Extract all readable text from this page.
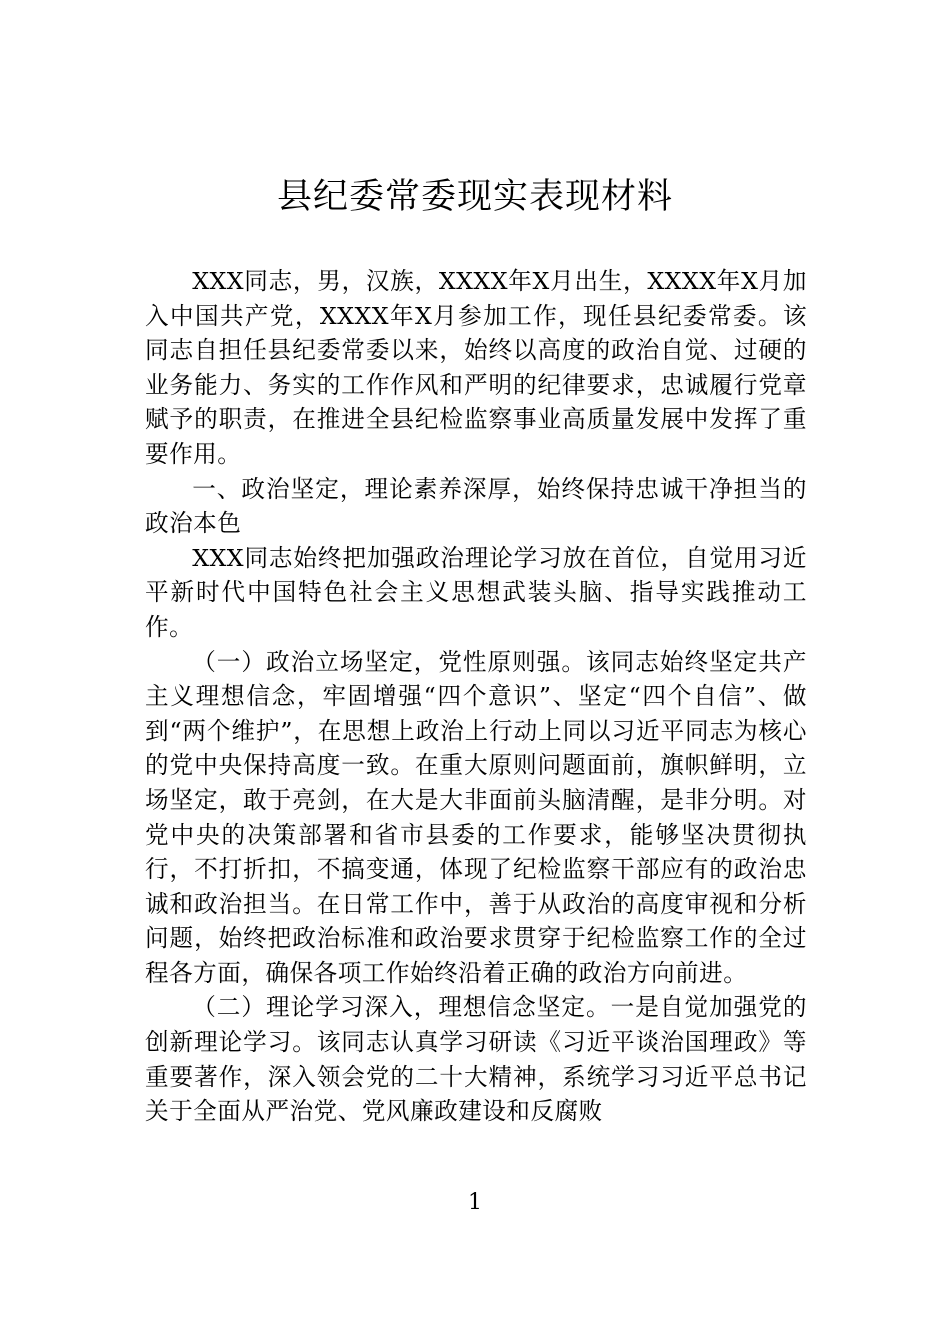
县纪委常委现实表现材料

XXX同志，男，汉族，XXXX年X月出生，XXXX年X月加入中国共产党，XXXX年X月参加工作，现任县纪委常委。该同志自担任县纪委常委以来，始终以高度的政治自觉、过硬的业务能力、务实的工作作风和严明的纪律要求，忠诚履行党章赋予的职责，在推进全县纪检监察事业高质量发展中发挥了重要作用。

一、政治坚定，理论素养深厚，始终保持忠诚干净担当的政治本色

XXX同志始终把加强政治理论学习放在首位，自觉用习近平新时代中国特色社会主义思想武装头脑、指导实践推动工作。

（一）政治立场坚定，党性原则强。该同志始终坚定共产主义理想信念，牢固增强“四个意识”、坚定“四个自信”、做到“两个维护”，在思想上政治上行动上同以习近平同志为核心的党中央保持高度一致。在重大原则问题面前，旗帜鲜明，立场坚定，敢于亮剑，在大是大非面前头脑清醒，是非分明。对党中央的决策部署和省市县委的工作要求，能够坚决贯彻执行，不打折扣，不搞变通，体现了纪检监察干部应有的政治忠诚和政治担当。在日常工作中，善于从政治的高度审视和分析问题，始终把政治标准和政治要求贯穿于纪检监察工作的全过程各方面，确保各项工作始终沿着正确的政治方向前进。

（二）理论学习深入，理想信念坚定。一是自觉加强党的创新理论学习。该同志认真学习研读《习近平谈治国理政》等重要著作，深入领会党的二十大精神，系统学习习近平总书记关于全面从严治党、党风廉政建设和反腐败

1
